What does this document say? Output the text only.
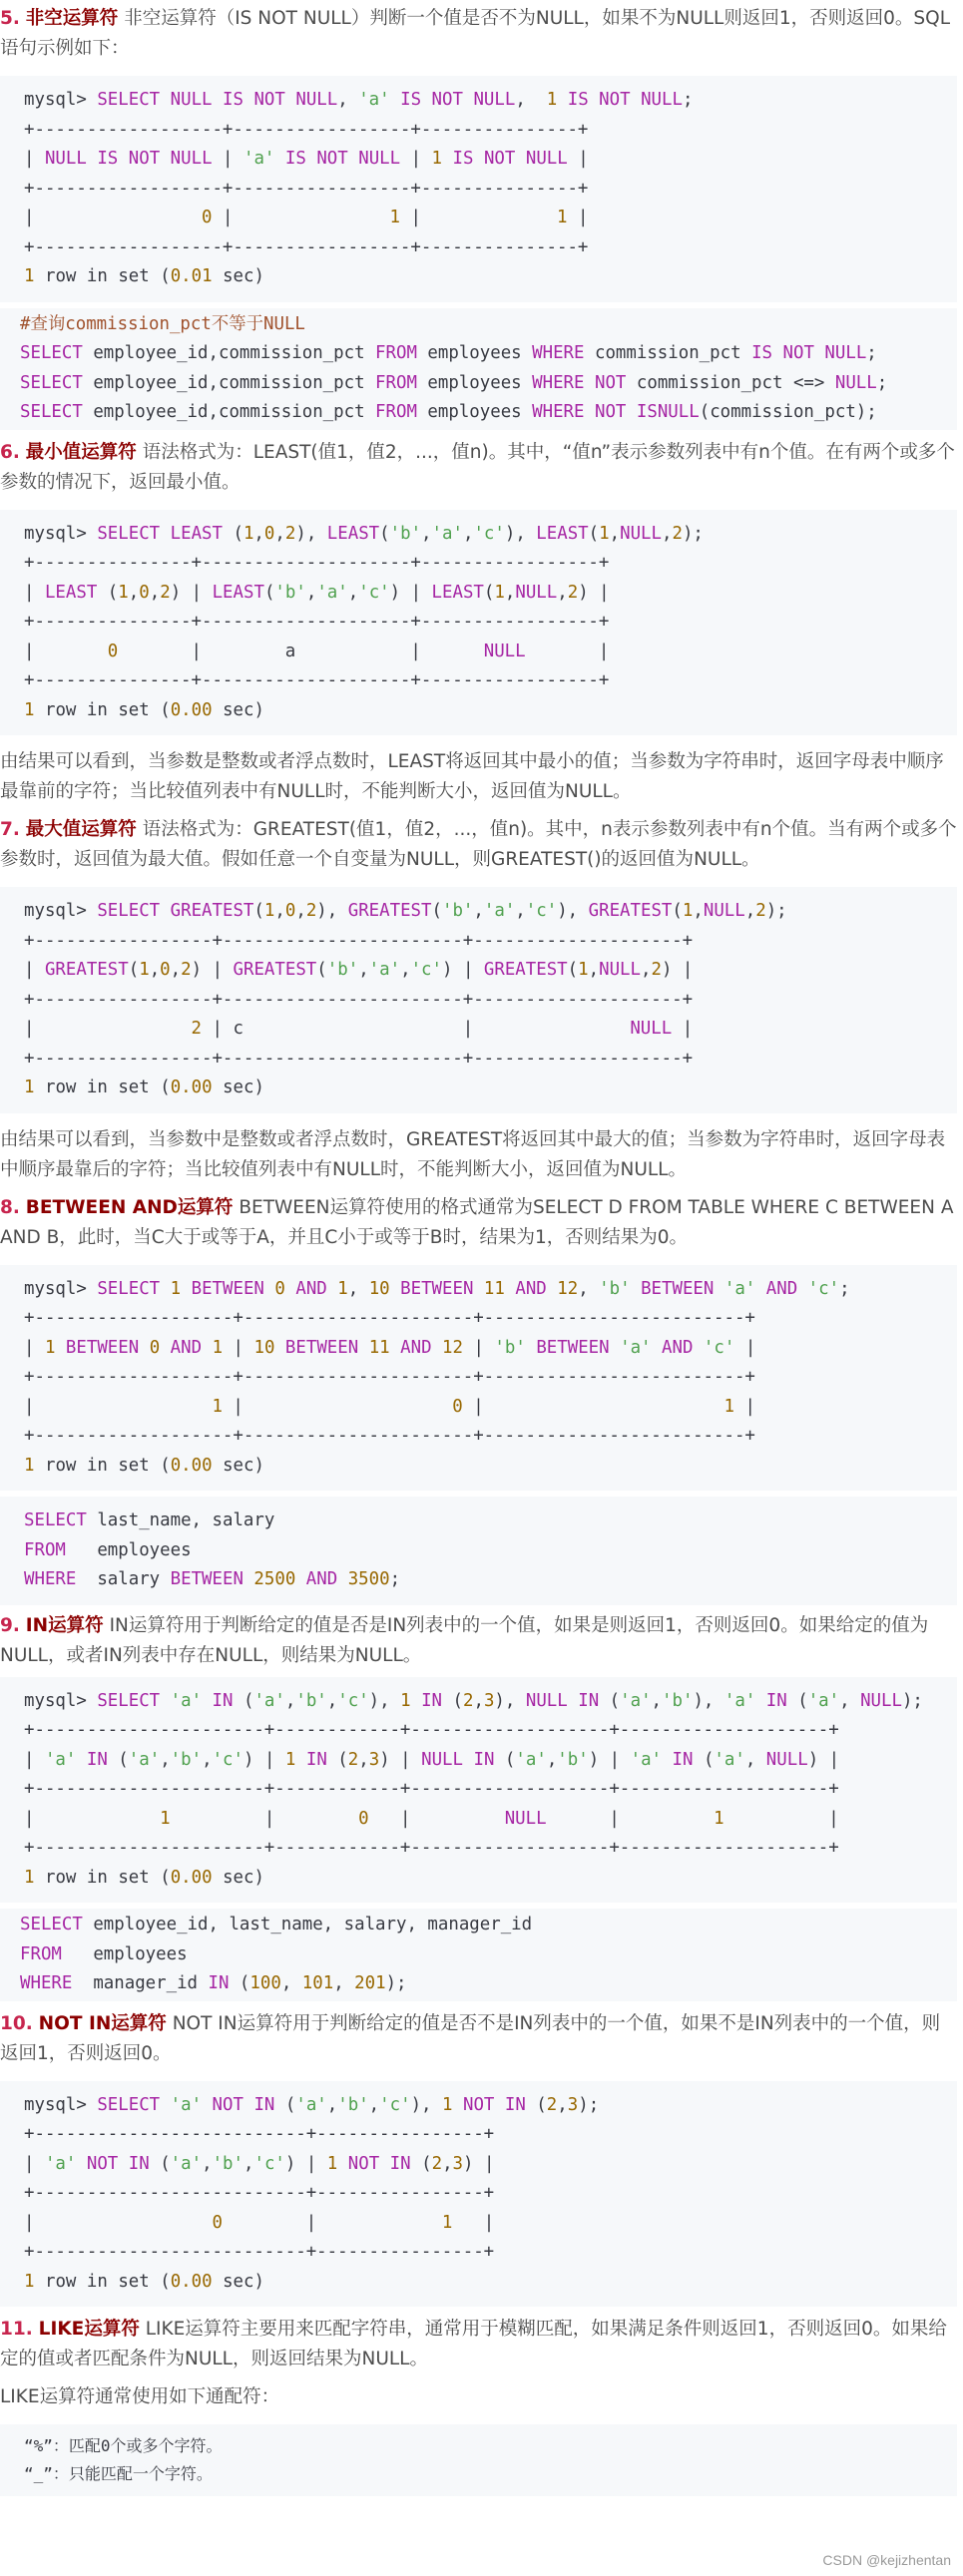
5. 非空运算符 非空运算符（IS NOT NULL）判断一个值是否不为NULL，如果不为NULL则返回1，否则返回0。SQL语句示例如下：

mysql> SELECT NULL IS NOT NULL, 'a' IS NOT NULL,  1 IS NOT NULL;
+------------------+-----------------+---------------+
| NULL IS NOT NULL | 'a' IS NOT NULL | 1 IS NOT NULL |
+------------------+-----------------+---------------+
|                0 |               1 |             1 |
+------------------+-----------------+---------------+
1 row in set (0.01 sec)
#查询commission_pct不等于NULL
SELECT employee_id,commission_pct FROM employees WHERE commission_pct IS NOT NULL;
SELECT employee_id,commission_pct FROM employees WHERE NOT commission_pct <=> NULL;
SELECT employee_id,commission_pct FROM employees WHERE NOT ISNULL(commission_pct);

6. 最小值运算符 语法格式为：LEAST(值1，值2，...，值n)。其中，“值n”表示参数列表中有n个值。在有两个或多个参数的情况下，返回最小值。

mysql> SELECT LEAST (1,0,2), LEAST('b','a','c'), LEAST(1,NULL,2);
+---------------+--------------------+-----------------+
| LEAST (1,0,2) | LEAST('b','a','c') | LEAST(1,NULL,2) |
+---------------+--------------------+-----------------+
|       0       |        a           |      NULL       |
+---------------+--------------------+-----------------+
1 row in set (0.00 sec)

由结果可以看到，当参数是整数或者浮点数时，LEAST将返回其中最小的值；当参数为字符串时，返回字母表中顺序最靠前的字符；当比较值列表中有NULL时，不能判断大小，返回值为NULL。

7. 最大值运算符 语法格式为：GREATEST(值1，值2，...，值n)。其中，n表示参数列表中有n个值。当有两个或多个参数时，返回值为最大值。假如任意一个自变量为NULL，则GREATEST()的返回值为NULL。

mysql> SELECT GREATEST(1,0,2), GREATEST('b','a','c'), GREATEST(1,NULL,2);
+-----------------+-----------------------+--------------------+
| GREATEST(1,0,2) | GREATEST('b','a','c') | GREATEST(1,NULL,2) |
+-----------------+-----------------------+--------------------+
|               2 | c                     |               NULL |
+-----------------+-----------------------+--------------------+
1 row in set (0.00 sec)

由结果可以看到，当参数中是整数或者浮点数时，GREATEST将返回其中最大的值；当参数为字符串时，返回字母表中顺序最靠后的字符；当比较值列表中有NULL时，不能判断大小，返回值为NULL。

8. BETWEEN AND运算符 BETWEEN运算符使用的格式通常为SELECT D FROM TABLE WHERE C BETWEEN A AND B，此时，当C大于或等于A，并且C小于或等于B时，结果为1，否则结果为0。

mysql> SELECT 1 BETWEEN 0 AND 1, 10 BETWEEN 11 AND 12, 'b' BETWEEN 'a' AND 'c';
+-------------------+----------------------+-------------------------+
| 1 BETWEEN 0 AND 1 | 10 BETWEEN 11 AND 12 | 'b' BETWEEN 'a' AND 'c' |
+-------------------+----------------------+-------------------------+
|                 1 |                    0 |                       1 |
+-------------------+----------------------+-------------------------+
1 row in set (0.00 sec)
SELECT last_name, salary
FROM employees
WHERE salary BETWEEN 2500 AND 3500;

9. IN运算符 IN运算符用于判断给定的值是否是IN列表中的一个值，如果是则返回1，否则返回0。如果给定的值为NULL，或者IN列表中存在NULL，则结果为NULL。

mysql> SELECT 'a' IN ('a','b','c'), 1 IN (2,3), NULL IN ('a','b'), 'a' IN ('a', NULL);
+----------------------+------------+-------------------+--------------------+
| 'a' IN ('a','b','c') | 1 IN (2,3) | NULL IN ('a','b') | 'a' IN ('a', NULL) |
+----------------------+------------+-------------------+--------------------+
|            1         |        0   |         NULL      |         1          |
+----------------------+------------+-------------------+--------------------+
1 row in set (0.00 sec)
SELECT employee_id, last_name, salary, manager_id
FROM employees
WHERE manager_id IN (100, 101, 201);

10. NOT IN运算符 NOT IN运算符用于判断给定的值是否不是IN列表中的一个值，如果不是IN列表中的一个值，则返回1，否则返回0。

mysql> SELECT 'a' NOT IN ('a','b','c'), 1 NOT IN (2,3);
+--------------------------+----------------+
| 'a' NOT IN ('a','b','c') | 1 NOT IN (2,3) |
+--------------------------+----------------+
|                 0        |            1   |
+--------------------------+----------------+
1 row in set (0.00 sec)

11. LIKE运算符 LIKE运算符主要用来匹配字符串，通常用于模糊匹配，如果满足条件则返回1，否则返回0。如果给定的值或者匹配条件为NULL，则返回结果为NULL。

LIKE运算符通常使用如下通配符：

“%”：匹配0个或多个字符。
“_”：只能匹配一个字符。
CSDN @kejizhentan
